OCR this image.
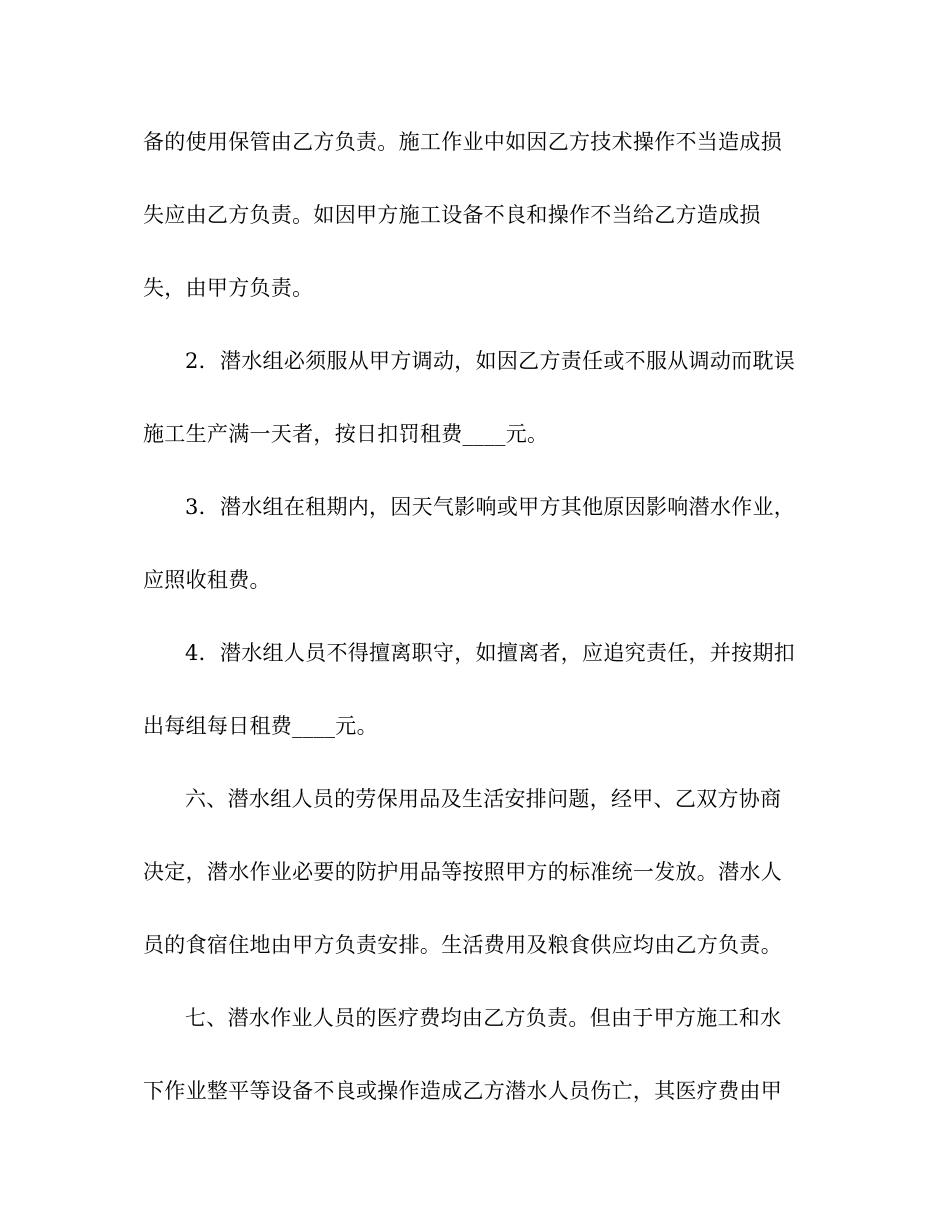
备的使用保管由乙方负责。施工作业中如因乙方技术操作不当造成损
失应由乙方负责。如因甲方施工设备不良和操作不当给乙方造成损
失，由甲方负责。
2．潜水组必须服从甲方调动，如因乙方责任或不服从调动而耽误
施工生产满一天者，按日扣罚租费____元。
3．潜水组在租期内，因天气影响或甲方其他原因影响潜水作业，
应照收租费。
4．潜水组人员不得擅离职守，如擅离者，应追究责任，并按期扣
出每组每日租费____元。
六、潜水组人员的劳保用品及生活安排问题，经甲、乙双方协商
决定，潜水作业必要的防护用品等按照甲方的标准统一发放。潜水人
员的食宿住地由甲方负责安排。生活费用及粮食供应均由乙方负责。
七、潜水作业人员的医疗费均由乙方负责。但由于甲方施工和水
下作业整平等设备不良或操作造成乙方潜水人员伤亡，其医疗费由甲
